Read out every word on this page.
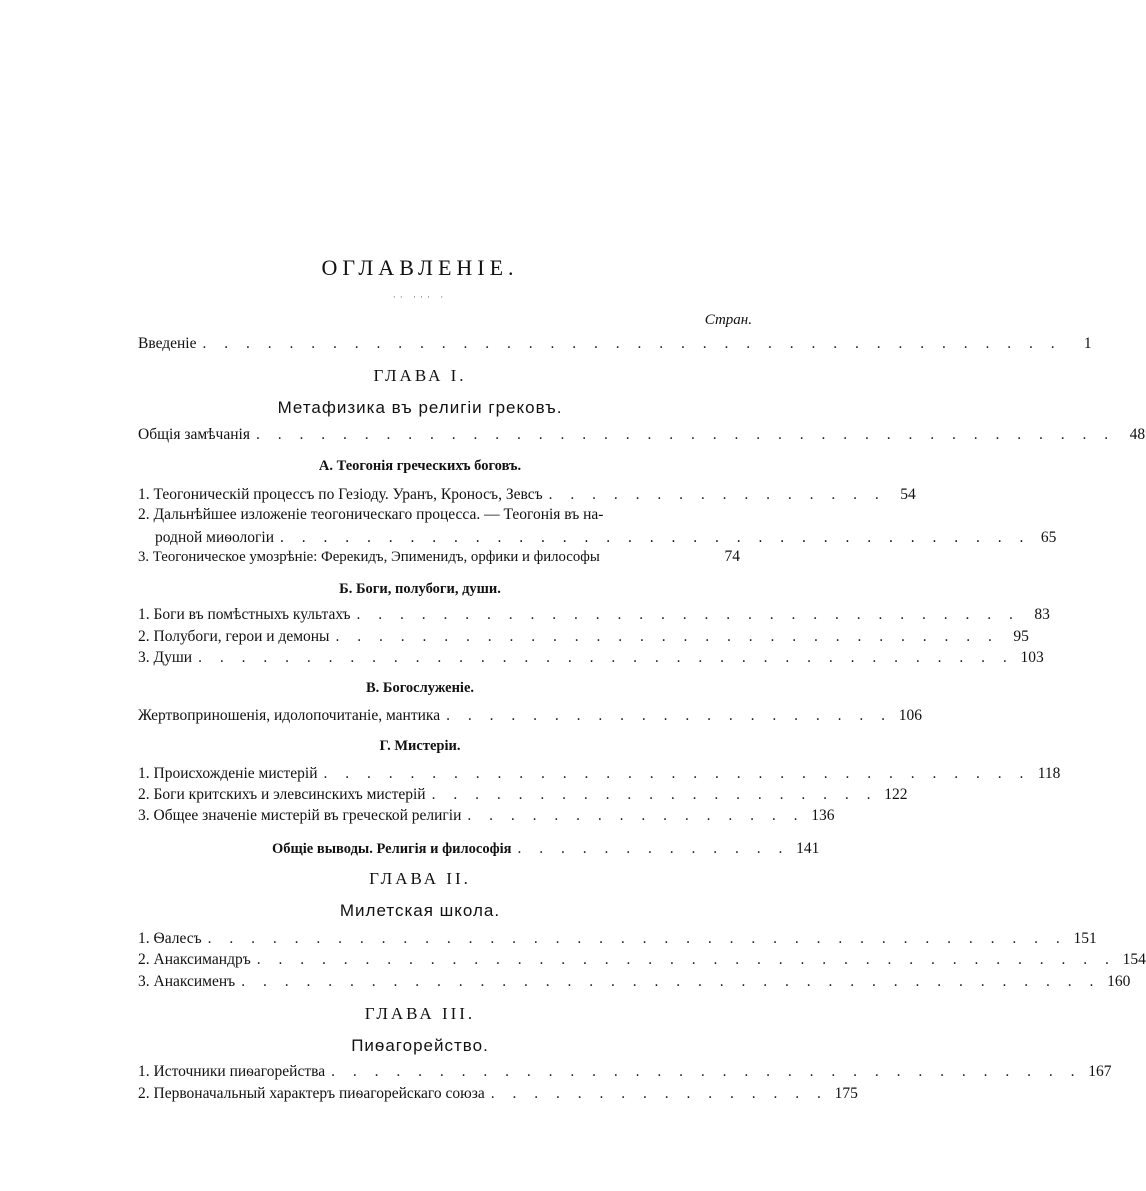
ОГЛАВЛЕНІЕ.
·· ··· ·
Стран.
Введеніе . . . . . . . . . . . . . . . . . . . . . . . . . . . . . . . . . . . . . . . .	1
ГЛАВА I.
Метафизика въ религіи грековъ.
Общія замѣчанія . . . . . . . . . . . . . . . . . . . . . . . . . . . . . . . . . . . . . . . . 48
А. Теогонія греческихъ боговъ.
1. Теогоническій процессъ по Гезіоду. Уранъ, Кроносъ, Зевсъ . . . . . . . . . . . . . . . . 54
2. Дальнѣйшее изложеніе теогоническаго процесса. — Теогонія въ на-
родной миѳологіи . . . . . . . . . . . . . . . . . . . . . . . . . . . . . . . . . . . 65
3. Теогоническое умозрѣніе: Ферекидъ, Эпименидъ, орфики и философы	74
Б. Боги, полубоги, души.
1. Боги въ помѣстныхъ культахъ . . . . . . . . . . . . . . . . . . . . . . . . . . . . . . . 83
2. Полубоги, герои и демоны . . . . . . . . . . . . . . . . . . . . . . . . . . . . . . . 95
3. Души . . . . . . . . . . . . . . . . . . . . . . . . . . . . . . . . . . . . . . 103
В. Богослуженіе.
Жертвоприношенія, идолопочитаніе, мантика . . . . . . . . . . . . . . . . . . . . . 106
Г. Мистеріи.
1. Происхожденіе мистерій . . . . . . . . . . . . . . . . . . . . . . . . . . . . . . . . . 118
2. Боги критскихъ и элевсинскихъ мистерій . . . . . . . . . . . . . . . . . . . . . 122
3. Общее значеніе мистерій въ греческой религіи . . . . . . . . . . . . . . . . 136
Общіе выводы. Религія и философія . . . . . . . . . . . . . 141
ГЛАВА II.
Милетская школа.
1. Ѳалесъ . . . . . . . . . . . . . . . . . . . . . . . . . . . . . . . . . . . . . . . . 151
2. Анаксимандръ . . . . . . . . . . . . . . . . . . . . . . . . . . . . . . . . . . . . . . . . 154
3. Анаксименъ . . . . . . . . . . . . . . . . . . . . . . . . . . . . . . . . . . . . . . . . 160
ГЛАВА III.
Пиѳагорейство.
1. Источники пиѳагорейства . . . . . . . . . . . . . . . . . . . . . . . . . . . . . . . . . . . 167
2. Первоначальный характеръ пиѳагорейскаго союза . . . . . . . . . . . . . . . . 175
